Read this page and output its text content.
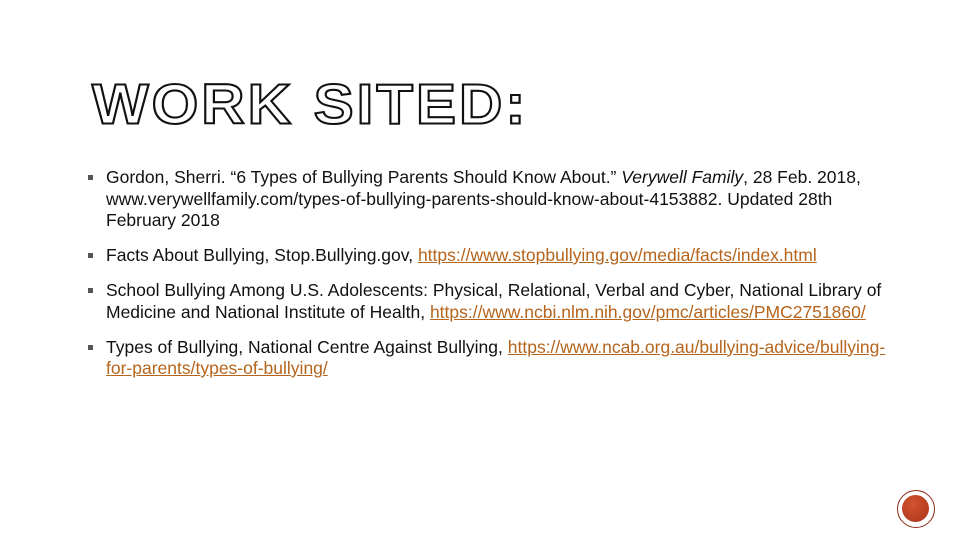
WORK SITED:
Gordon, Sherri. “6 Types of Bullying Parents Should Know About.” Verywell Family, 28 Feb. 2018, www.verywellfamily.com/types-of-bullying-parents-should-know-about-4153882. Updated 28th February 2018
Facts About Bullying, Stop.Bullying.gov, https://www.stopbullying.gov/media/facts/index.html
School Bullying Among U.S. Adolescents: Physical, Relational, Verbal and Cyber, National Library of Medicine and National Institute of Health, https://www.ncbi.nlm.nih.gov/pmc/articles/PMC2751860/
Types of Bullying, National Centre Against Bullying, https://www.ncab.org.au/bullying-advice/bullying-for-parents/types-of-bullying/
